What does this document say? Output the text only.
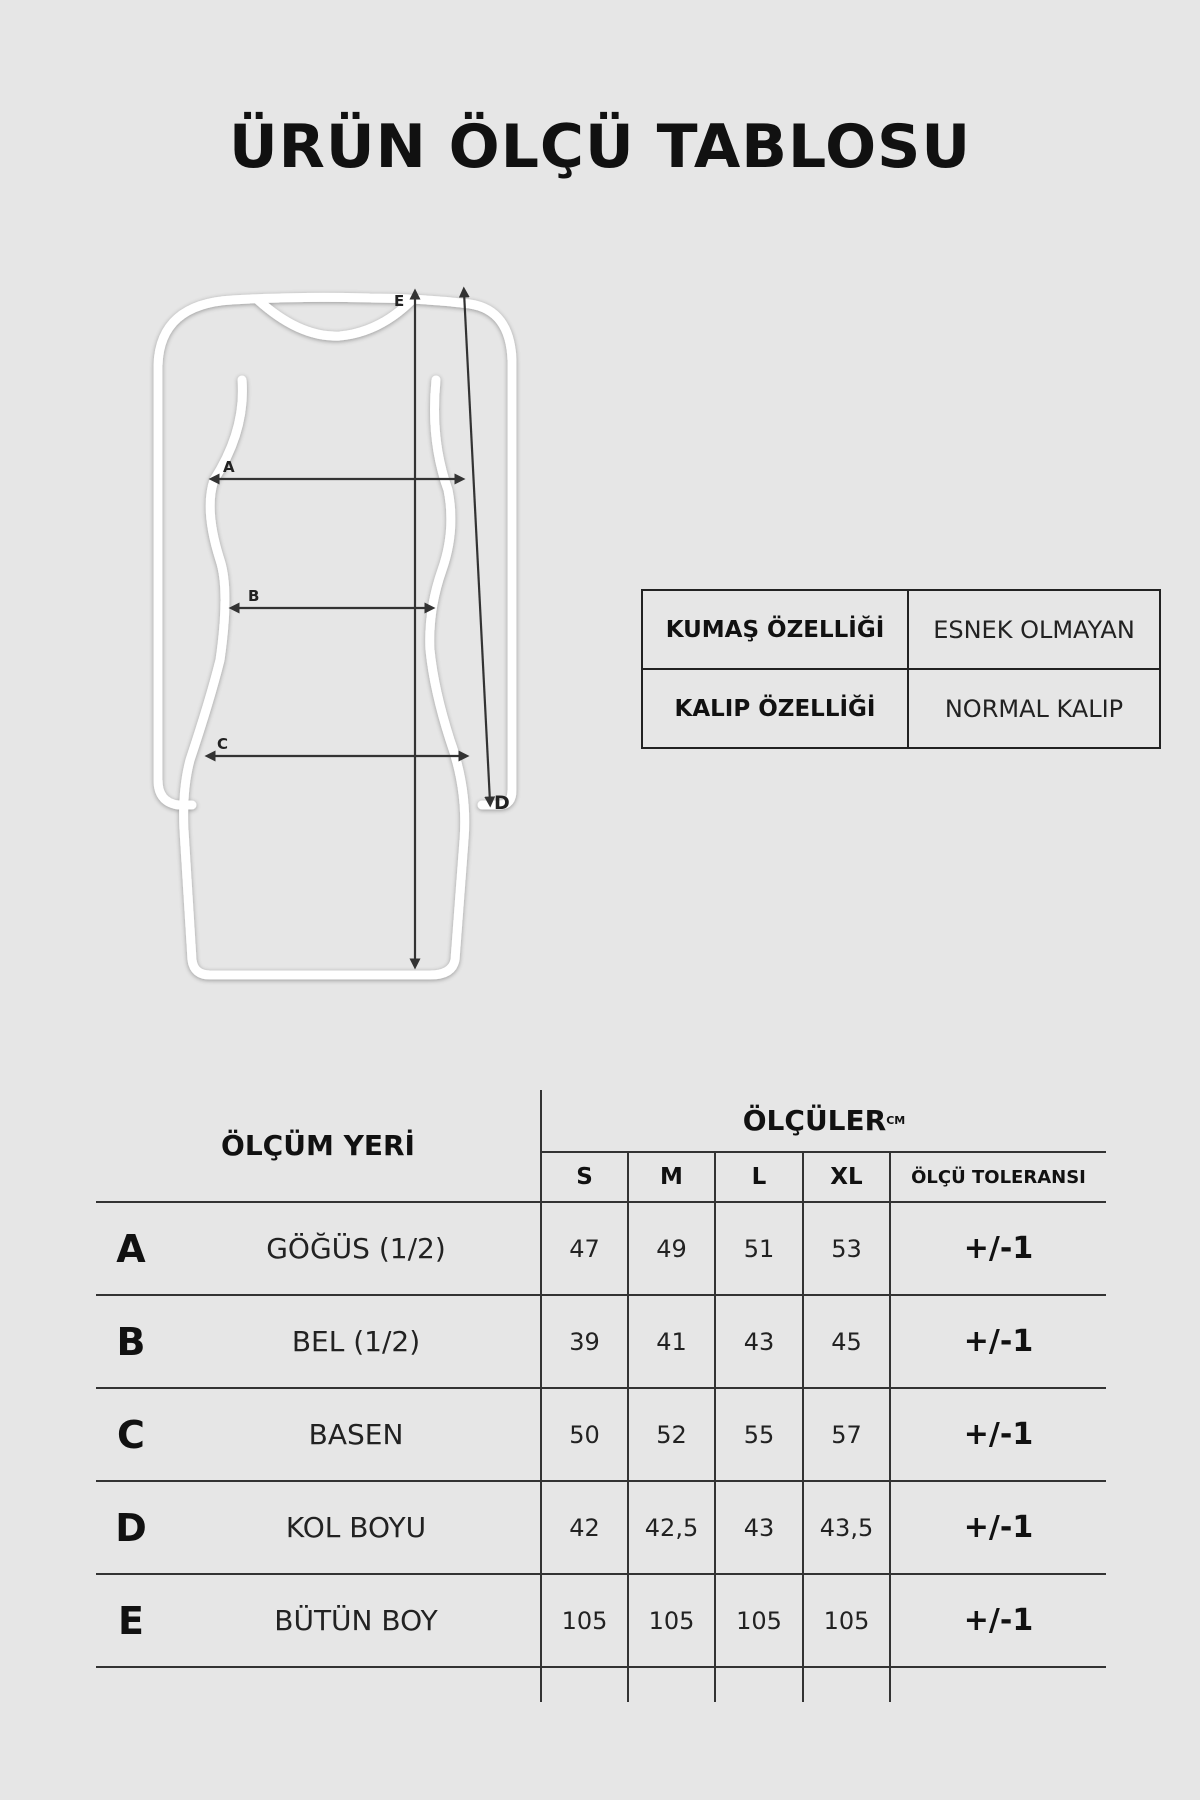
ÜRÜN ÖLÇÜ TABLOSU
A
B
C
D
E
KUMAŞ ÖZELLİĞİ	ESNEK OLMAYAN
KALIP ÖZELLİĞİ	NORMAL KALIP
ÖLÇÜM YERİ
ÖLÇÜLER CM
S	M	L	XL	ÖLÇÜ TOLERANSI
A	GÖĞÜS (1/2)	47	49	51	53	+/-1
B	BEL (1/2)	39	41	43	45	+/-1
C	BASEN	50	52	55	57	+/-1
D	KOL BOYU	42	42,5	43	43,5	+/-1
E	BÜTÜN BOY	105	105	105	105	+/-1
